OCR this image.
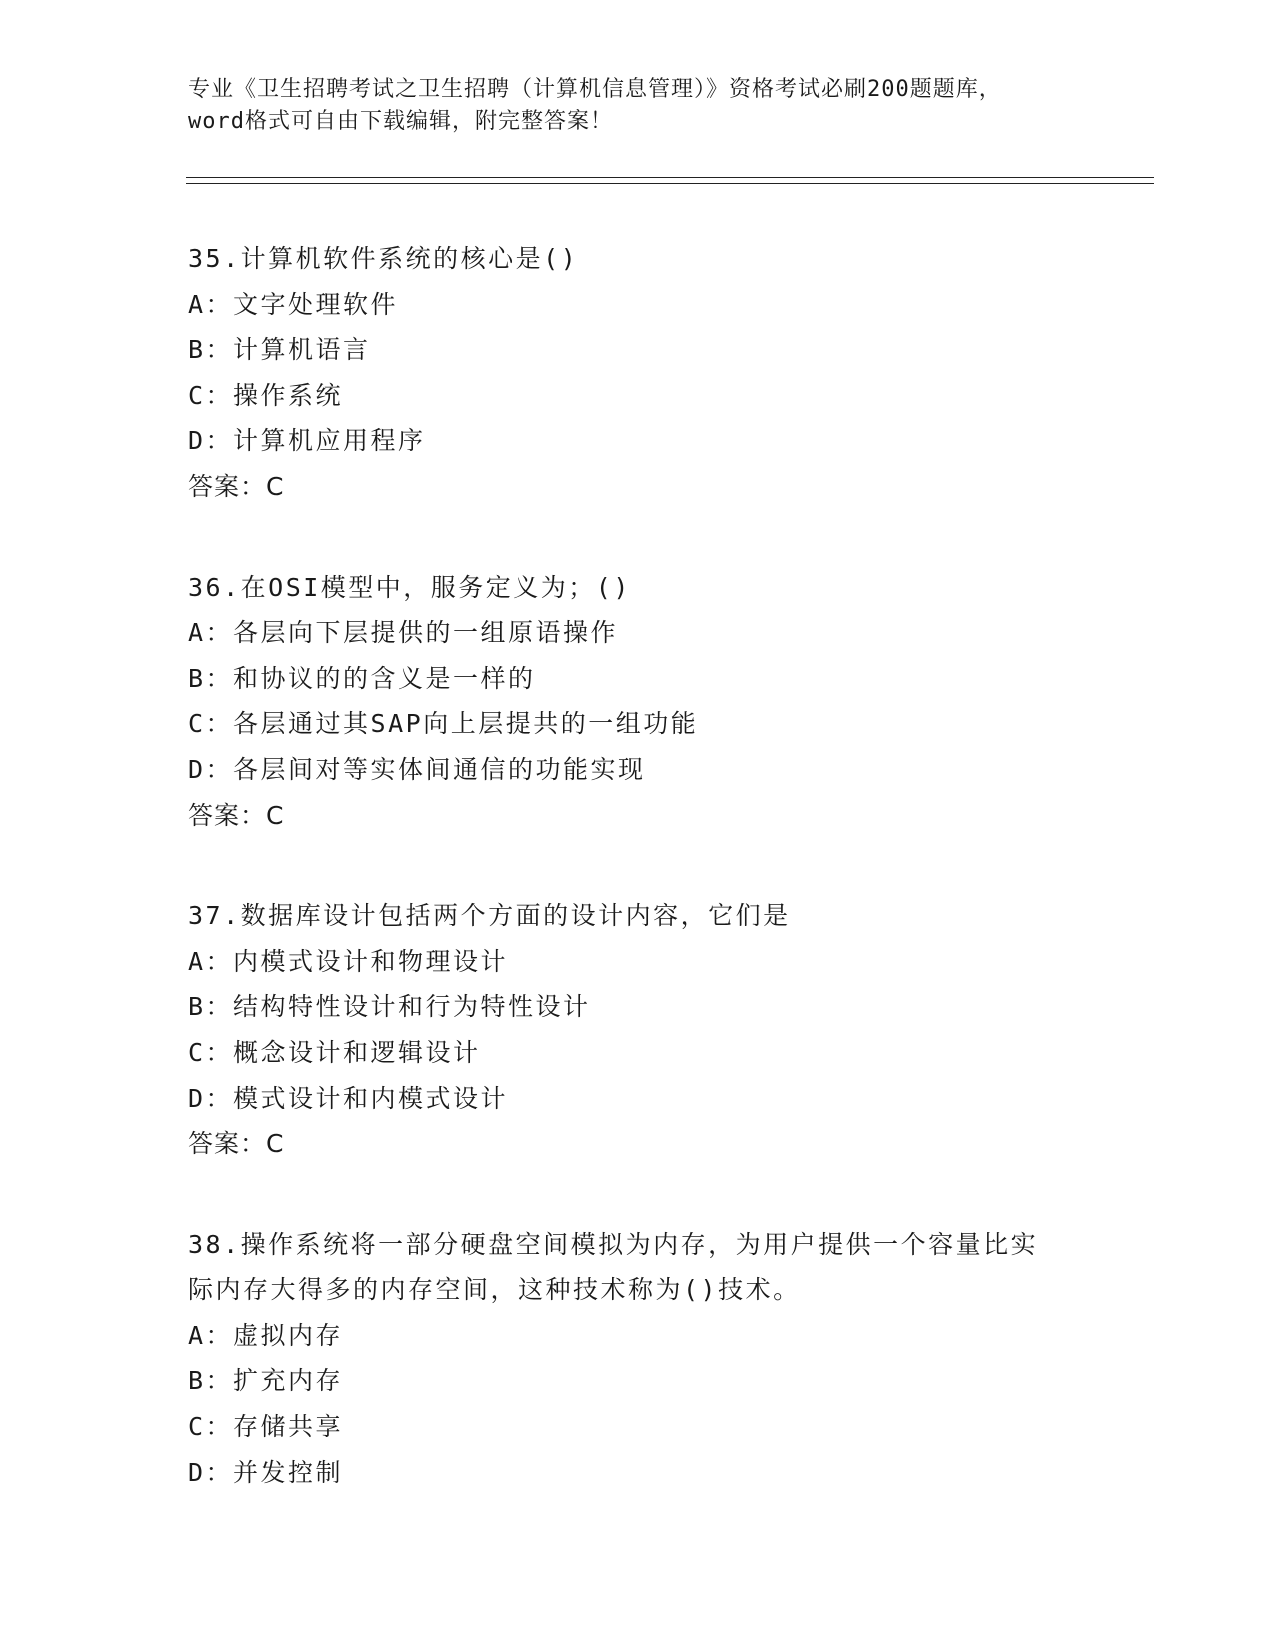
专业《卫生招聘考试之卫生招聘（计算机信息管理）》资格考试必刷200题题库，
word格式可自由下载编辑，附完整答案！
35.计算机软件系统的核心是()
A：文字处理软件
B：计算机语言
C：操作系统
D：计算机应用程序
答案：C
36.在OSI模型中，服务定义为；()
A：各层向下层提供的一组原语操作
B：和协议的的含义是一样的
C：各层通过其SAP向上层提共的一组功能
D：各层间对等实体间通信的功能实现
答案：C
37.数据库设计包括两个方面的设计内容，它们是
A：内模式设计和物理设计
B：结构特性设计和行为特性设计
C：概念设计和逻辑设计
D：模式设计和内模式设计
答案：C
38.操作系统将一部分硬盘空间模拟为内存，为用户提供一个容量比实
际内存大得多的内存空间，这种技术称为()技术。
A：虚拟内存
B：扩充内存
C：存储共享
D：并发控制
